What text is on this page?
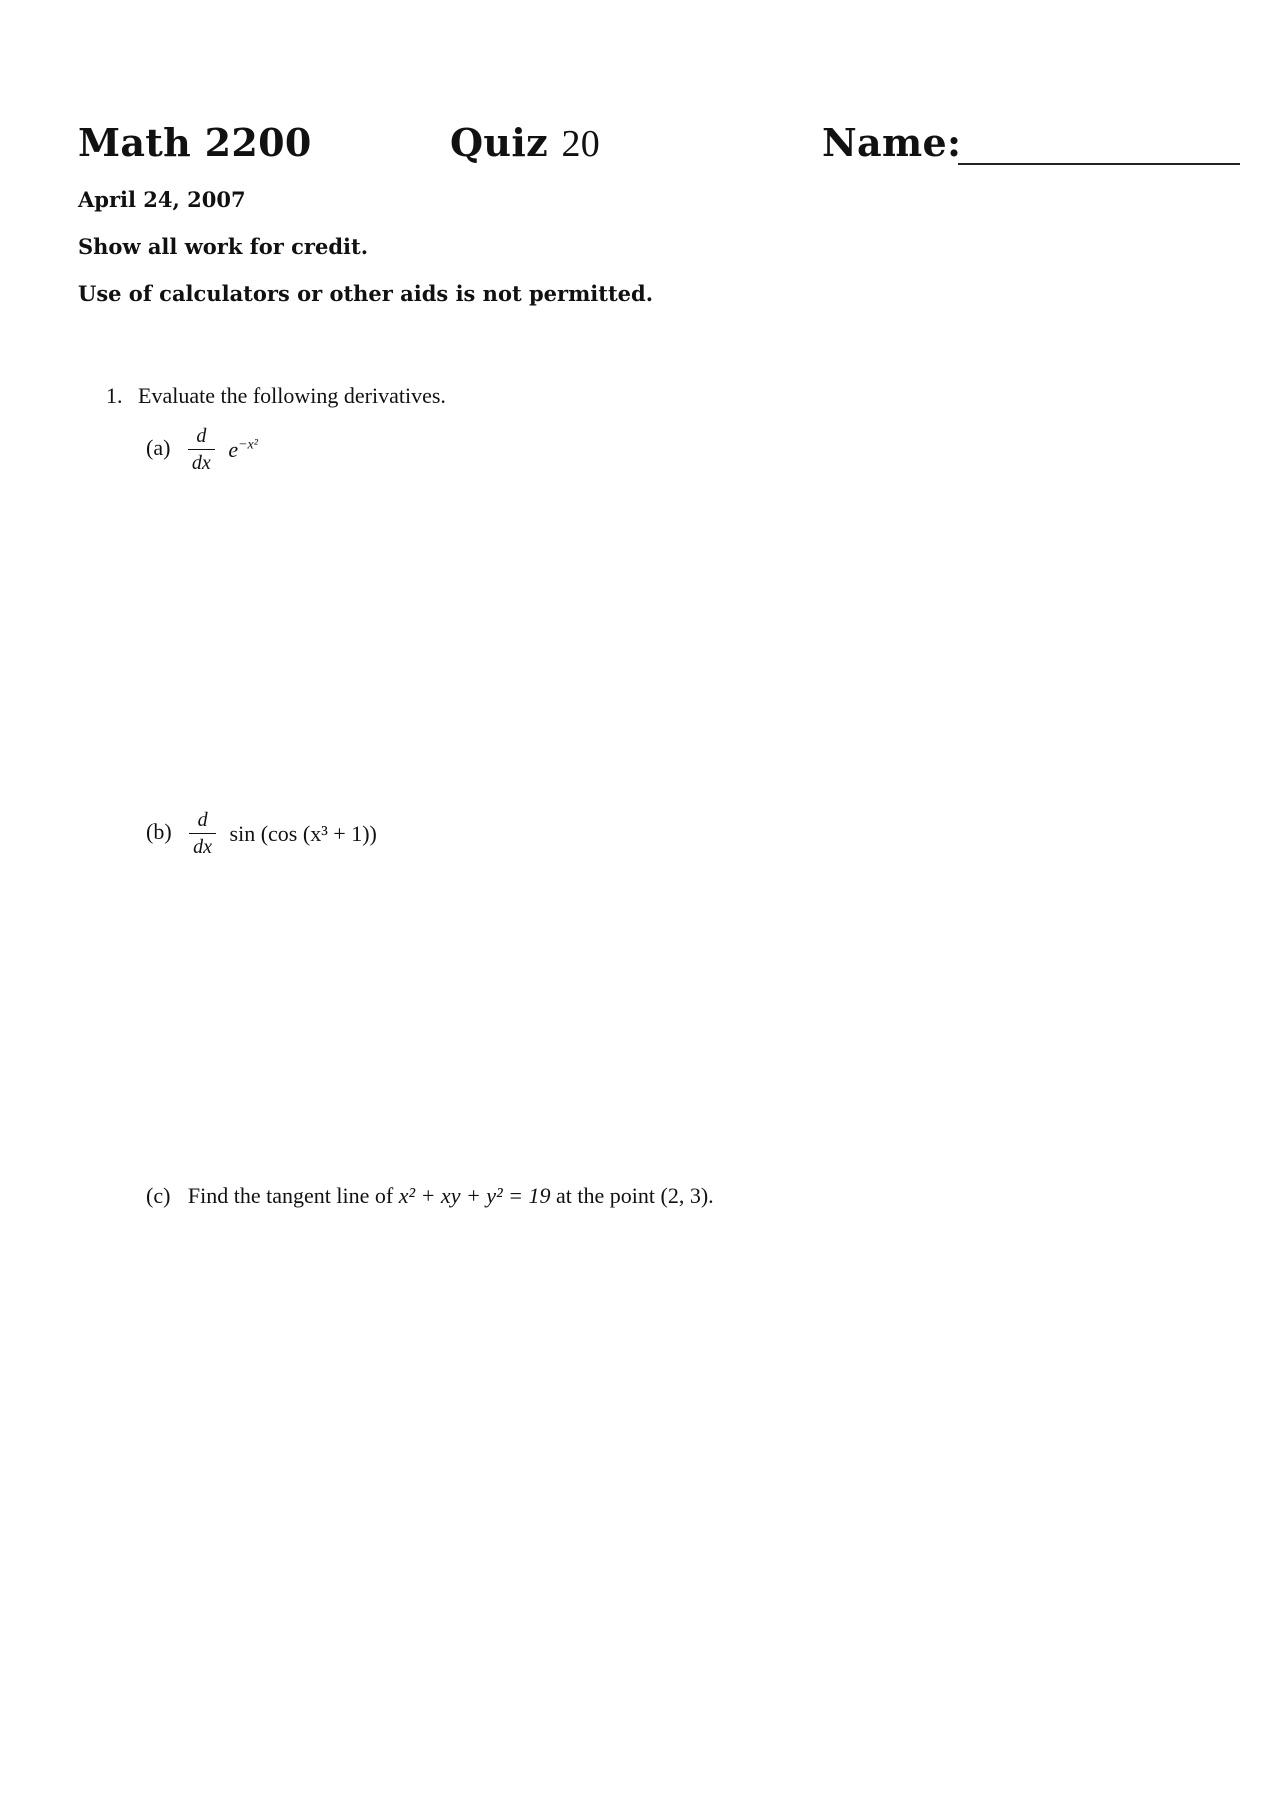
Math 2200	Quiz 20	Name:
April 24, 2007
Show all work for credit.
Use of calculators or other aids is not permitted.
1. Evaluate the following derivatives.
$(a) \frac{d}{dx} e^{-x^2}$
$(b) \frac{d}{dx}$ sin (cos (x³ + 1))
(c) Find the tangent line of x² + xy + y² = 19 at the point (2, 3).
